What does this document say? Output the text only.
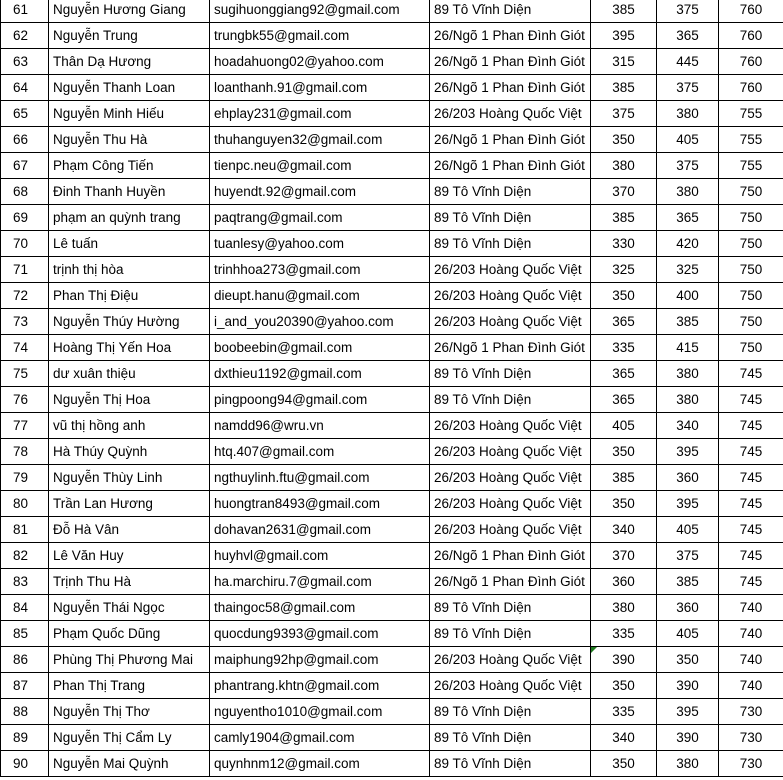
61	Nguyễn Hương Giang	sugihuonggiang92@gmail.com	89 Tô Vĩnh Diện	385	375	760
62	Nguyễn Trung	trungbk55@gmail.com	26/Ngõ 1 Phan Đình Giót	395	365	760
63	Thân Dạ Hương	hoadahuong02@yahoo.com	26/Ngõ 1 Phan Đình Giót	315	445	760
64	Nguyễn Thanh Loan	loanthanh.91@gmail.com	26/Ngõ 1 Phan Đình Giót	385	375	760
65	Nguyễn Minh Hiếu	ehplay231@gmail.com	26/203 Hoàng Quốc Việt	375	380	755
66	Nguyễn Thu Hà	thuhanguyen32@gmail.com	26/Ngõ 1 Phan Đình Giót	350	405	755
67	Phạm Công Tiến	tienpc.neu@gmail.com	26/Ngõ 1 Phan Đình Giót	380	375	755
68	Đinh Thanh Huyền	huyendt.92@gmail.com	89 Tô Vĩnh Diện	370	380	750
69	phạm an quỳnh trang	paqtrang@gmail.com	89 Tô Vĩnh Diện	385	365	750
70	Lê tuấn	tuanlesy@yahoo.com	89 Tô Vĩnh Diện	330	420	750
71	trịnh thị hòa	trinhhoa273@gmail.com	26/203 Hoàng Quốc Việt	325	325	750
72	Phan Thị Điệu	dieupt.hanu@gmail.com	26/203 Hoàng Quốc Việt	350	400	750
73	Nguyễn Thúy Hường	i_and_you20390@yahoo.com	26/203 Hoàng Quốc Việt	365	385	750
74	Hoàng Thị Yến Hoa	boobeebin@gmail.com	26/Ngõ 1 Phan Đình Giót	335	415	750
75	dư xuân thiệu	dxthieu1192@gmail.com	89 Tô Vĩnh Diện	365	380	745
76	Nguyễn Thị Hoa	pingpoong94@gmail.com	89 Tô Vĩnh Diện	365	380	745
77	vũ thị hồng anh	namdd96@wru.vn	26/203 Hoàng Quốc Việt	405	340	745
78	Hà Thúy Quỳnh	htq.407@gmail.com	26/203 Hoàng Quốc Việt	350	395	745
79	Nguyễn Thùy Linh	ngthuylinh.ftu@gmail.com	26/203 Hoàng Quốc Việt	385	360	745
80	Trần Lan Hương	huongtran8493@gmail.com	26/203 Hoàng Quốc Việt	350	395	745
81	Đỗ Hà Vân	dohavan2631@gmail.com	26/203 Hoàng Quốc Việt	340	405	745
82	Lê Văn Huy	huyhvl@gmail.com	26/Ngõ 1 Phan Đình Giót	370	375	745
83	Trịnh Thu Hà	ha.marchiru.7@gmail.com	26/Ngõ 1 Phan Đình Giót	360	385	745
84	Nguyễn Thái Ngọc	thaingoc58@gmail.com	89 Tô Vĩnh Diện	380	360	740
85	Phạm Quốc Dũng	quocdung9393@gmail.com	89 Tô Vĩnh Diện	335	405	740
86	Phùng Thị Phương Mai	maiphung92hp@gmail.com	26/203 Hoàng Quốc Việt	390	350	740
87	Phan Thị Trang	phantrang.khtn@gmail.com	26/203 Hoàng Quốc Việt	350	390	740
88	Nguyễn Thị Thơ	nguyentho1010@gmail.com	89 Tô Vĩnh Diện	335	395	730
89	Nguyễn Thị Cẩm Ly	camly1904@gmail.com	89 Tô Vĩnh Diện	340	390	730
90	Nguyễn Mai Quỳnh	quynhnm12@gmail.com	89 Tô Vĩnh Diện	350	380	730
